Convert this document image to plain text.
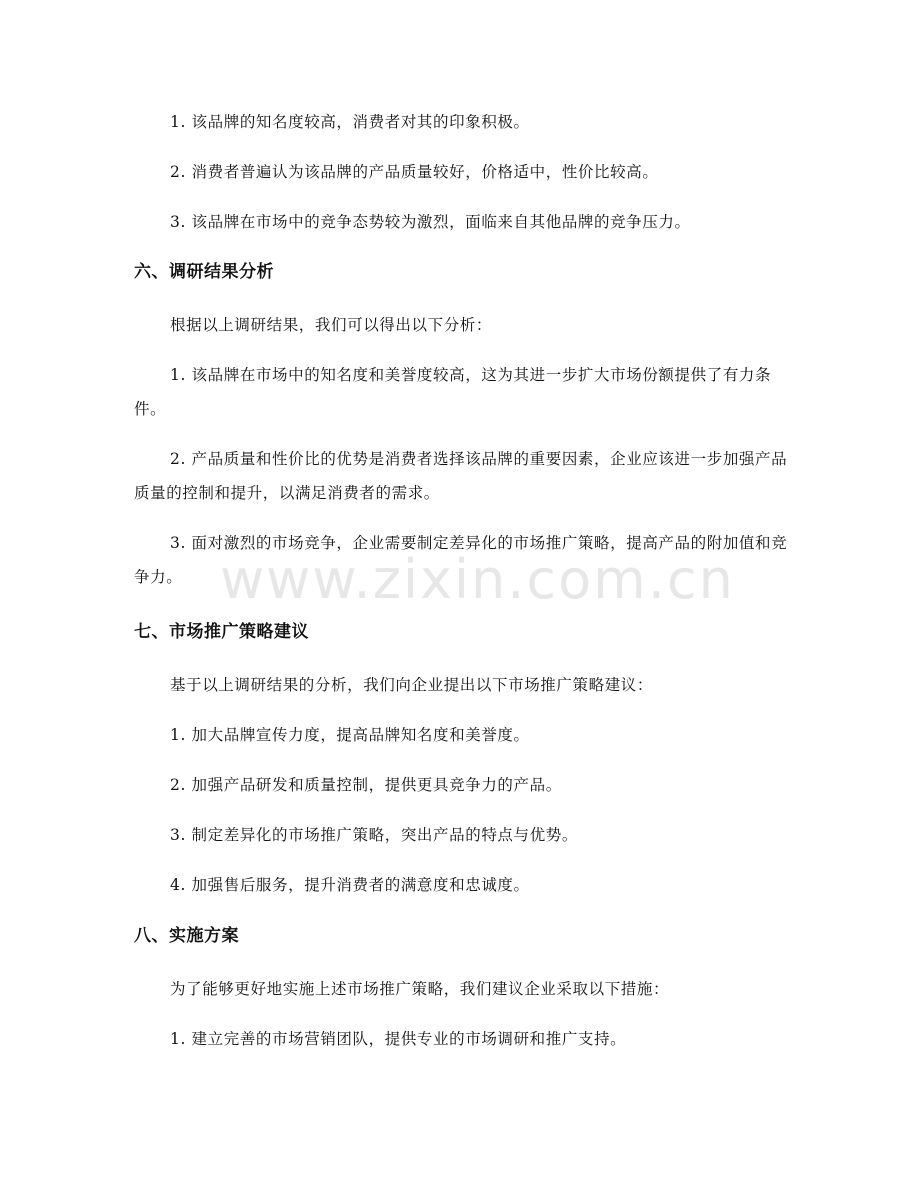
1. 该品牌的知名度较高，消费者对其的印象积极。

2. 消费者普遍认为该品牌的产品质量较好，价格适中，性价比较高。

3. 该品牌在市场中的竞争态势较为激烈，面临来自其他品牌的竞争压力。

六、调研结果分析

根据以上调研结果，我们可以得出以下分析：

1. 该品牌在市场中的知名度和美誉度较高，这为其进一步扩大市场份额提供了有力条件。

2. 产品质量和性价比的优势是消费者选择该品牌的重要因素，企业应该进一步加强产品质量的控制和提升，以满足消费者的需求。

3. 面对激烈的市场竞争，企业需要制定差异化的市场推广策略，提高产品的附加值和竞争力。

七、市场推广策略建议

基于以上调研结果的分析，我们向企业提出以下市场推广策略建议：

1. 加大品牌宣传力度，提高品牌知名度和美誉度。

2. 加强产品研发和质量控制，提供更具竞争力的产品。

3. 制定差异化的市场推广策略，突出产品的特点与优势。

4. 加强售后服务，提升消费者的满意度和忠诚度。

八、实施方案

为了能够更好地实施上述市场推广策略，我们建议企业采取以下措施：

1. 建立完善的市场营销团队，提供专业的市场调研和推广支持。

www.zixin.com.cn
